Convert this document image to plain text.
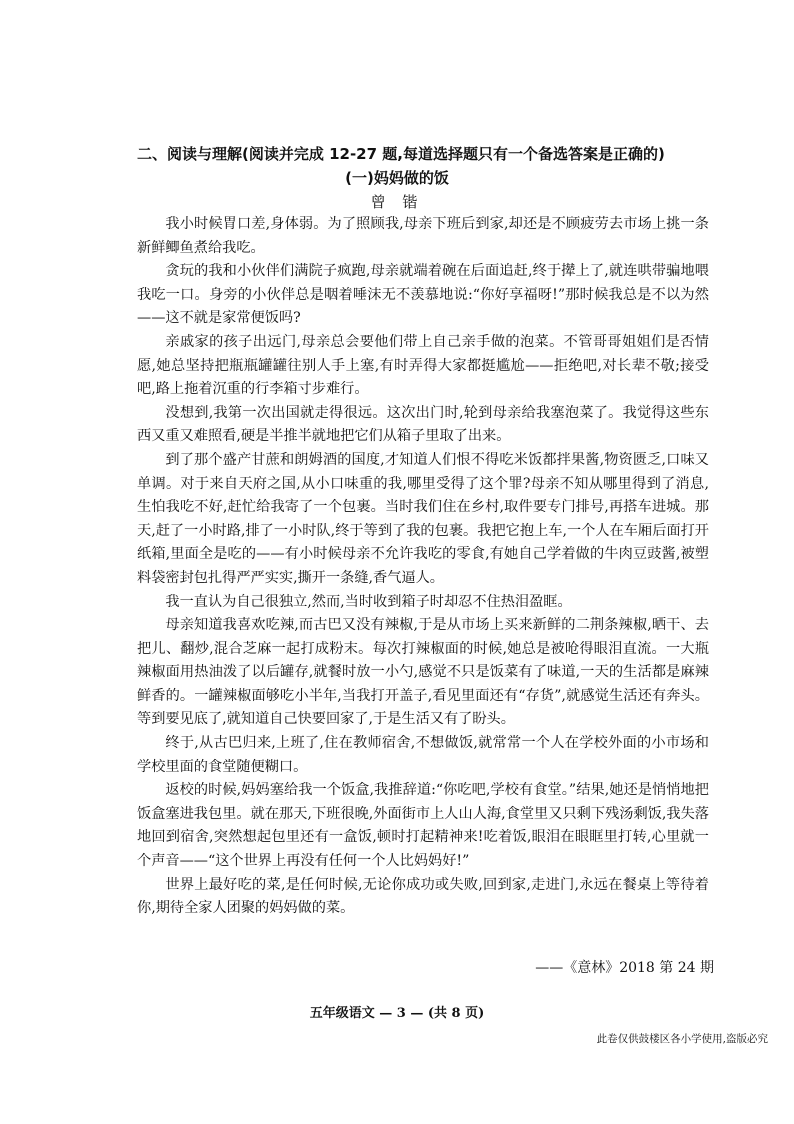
二、阅读与理解(阅读并完成 12-27 题,每道选择题只有一个备选答案是正确的)
(一)妈妈做的饭
曾 锴

我小时候胃口差,身体弱。为了照顾我,母亲下班后到家,却还是不顾疲劳去市场上挑一条新鲜鲫鱼煮给我吃。

贪玩的我和小伙伴们满院子疯跑,母亲就端着碗在后面追赶,终于撵上了,就连哄带骗地喂我吃一口。身旁的小伙伴总是咽着唾沫无不羡慕地说:“你好享福呀!”那时候我总是不以为然——这不就是家常便饭吗?

亲戚家的孩子出远门,母亲总会要他们带上自己亲手做的泡菜。不管哥哥姐姐们是否情愿,她总坚持把瓶瓶罐罐往别人手上塞,有时弄得大家都挺尴尬——拒绝吧,对长辈不敬;接受吧,路上拖着沉重的行李箱寸步难行。

没想到,我第一次出国就走得很远。这次出门时,轮到母亲给我塞泡菜了。我觉得这些东西又重又难照看,硬是半推半就地把它们从箱子里取了出来。

到了那个盛产甘蔗和朗姆酒的国度,才知道人们恨不得吃米饭都拌果酱,物资匮乏,口味又单调。对于来自天府之国,从小口味重的我,哪里受得了这个罪?母亲不知从哪里得到了消息,生怕我吃不好,赶忙给我寄了一个包裹。当时我们住在乡村,取件要专门排号,再搭车进城。那天,赶了一小时路,排了一小时队,终于等到了我的包裹。我把它抱上车,一个人在车厢后面打开纸箱,里面全是吃的——有小时候母亲不允许我吃的零食,有她自己学着做的牛肉豆豉酱,被塑料袋密封包扎得严严实实,撕开一条缝,香气逼人。

我一直认为自己很独立,然而,当时收到箱子时却忍不住热泪盈眶。

母亲知道我喜欢吃辣,而古巴又没有辣椒,于是从市场上买来新鲜的二荆条辣椒,晒干、去把儿、翻炒,混合芝麻一起打成粉末。每次打辣椒面的时候,她总是被呛得眼泪直流。一大瓶辣椒面用热油泼了以后罐存,就餐时放一小勺,感觉不只是饭菜有了味道,一天的生活都是麻辣鲜香的。一罐辣椒面够吃小半年,当我打开盖子,看见里面还有“存货”,就感觉生活还有奔头。等到要见底了,就知道自己快要回家了,于是生活又有了盼头。

终于,从古巴归来,上班了,住在教师宿舍,不想做饭,就常常一个人在学校外面的小市场和学校里面的食堂随便糊口。

返校的时候,妈妈塞给我一个饭盒,我推辞道:“你吃吧,学校有食堂。”结果,她还是悄悄地把饭盒塞进我包里。就在那天,下班很晚,外面街市上人山人海,食堂里又只剩下残汤剩饭,我失落地回到宿舍,突然想起包里还有一盒饭,顿时打起精神来!吃着饭,眼泪在眼眶里打转,心里就一个声音——“这个世界上再没有任何一个人比妈妈好!”

世界上最好吃的菜,是任何时候,无论你成功或失败,回到家,走进门,永远在餐桌上等待着你,期待全家人团聚的妈妈做的菜。

——《意林》2018 第 24 期
五年级语文 — 3 — (共 8 页)
此卷仅供鼓楼区各小学使用,盗版必究
